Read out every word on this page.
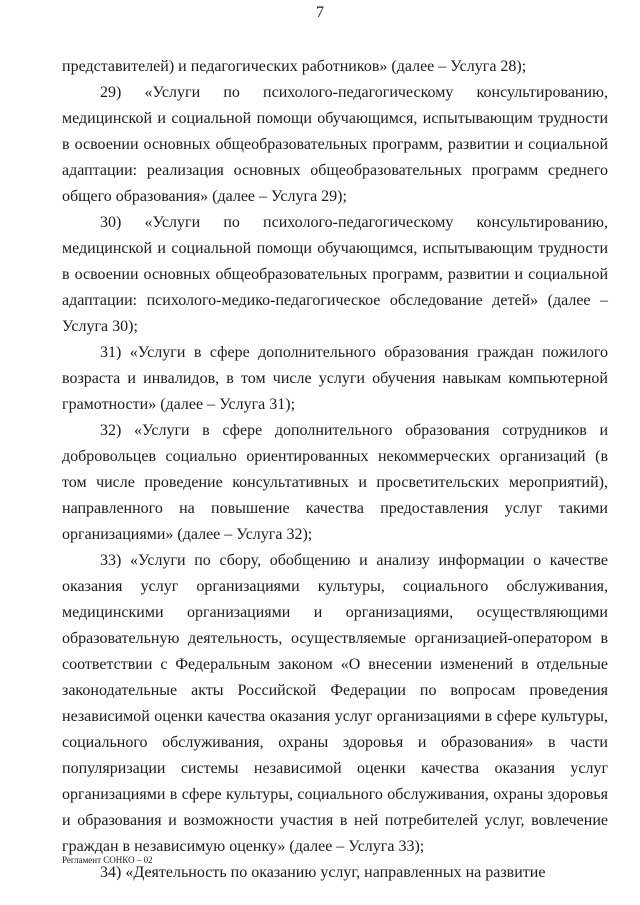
7

представителей) и педагогических работников» (далее – Услуга 28);

29) «Услуги по психолого-педагогическому консультированию, медицинской и социальной помощи обучающимся, испытывающим трудности в освоении основных общеобразовательных программ, развитии и социальной адаптации: реализация основных общеобразовательных программ среднего общего образования» (далее – Услуга 29);

30) «Услуги по психолого-педагогическому консультированию, медицинской и социальной помощи обучающимся, испытывающим трудности в освоении основных общеобразовательных программ, развитии и социальной адаптации: психолого-медико-педагогическое обследование детей» (далее – Услуга 30);

31) «Услуги в сфере дополнительного образования граждан пожилого возраста и инвалидов, в том числе услуги обучения навыкам компьютерной грамотности» (далее – Услуга 31);

32) «Услуги в сфере дополнительного образования сотрудников и добровольцев социально ориентированных некоммерческих организаций (в том числе проведение консультативных и просветительских мероприятий), направленного на повышение качества предоставления услуг такими организациями» (далее – Услуга 32);

33) «Услуги по сбору, обобщению и анализу информации о качестве оказания услуг организациями культуры, социального обслуживания, медицинскими организациями и организациями, осуществляющими образовательную деятельность, осуществляемые организацией-оператором в соответствии с Федеральным законом «О внесении изменений в отдельные законодательные акты Российской Федерации по вопросам проведения независимой оценки качества оказания услуг организациями в сфере культуры, социального обслуживания, охраны здоровья и образования» в части популяризации системы независимой оценки качества оказания услуг организациями в сфере культуры, социального обслуживания, охраны здоровья и образования и возможности участия в ней потребителей услуг, вовлечение граждан в независимую оценку» (далее – Услуга 33);

34) «Деятельность по оказанию услуг, направленных на развитие

Регламент СОНКО – 02
